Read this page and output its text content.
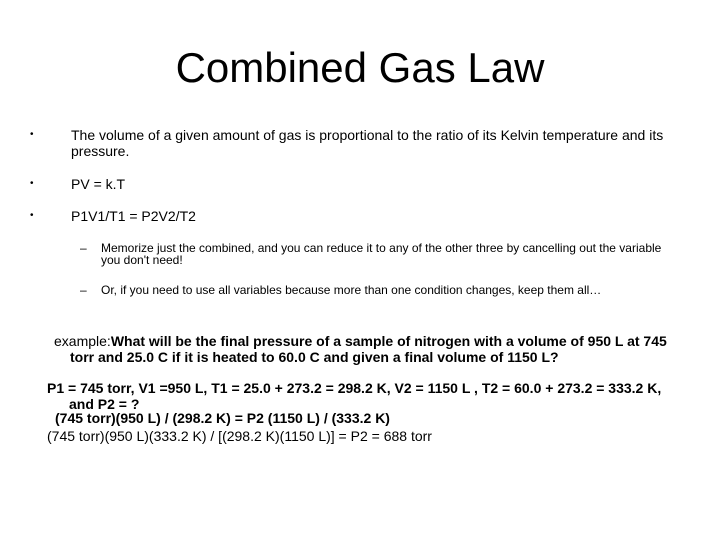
Combined Gas Law
•	The volume of a given amount of gas is proportional to the ratio of its Kelvin temperature and its pressure.
•	PV = k.T
•	P1V1/T1 = P2V2/T2
– Memorize just the combined, and you can reduce it to any of the other three by cancelling out the variable you don't need!
– Or, if you need to use all variables because more than one condition changes, keep them all…
example:What will be the final pressure of a sample of nitrogen with a volume of 950 L at 745
torr and 25.0 C if it is heated to 60.0 C and given a final volume of 1150 L?
P1 = 745 torr, V1 =950 L, T1 = 25.0 + 273.2 = 298.2 K, V2 = 1150 L , T2 = 60.0 + 273.2 = 333.2 K,
and P2 = ?
(745 torr)(950 L) / (298.2 K) = P2 (1150 L) / (333.2 K)
(745 torr)(950 L)(333.2 K) / [(298.2 K)(1150 L)] = P2 = 688 torr
